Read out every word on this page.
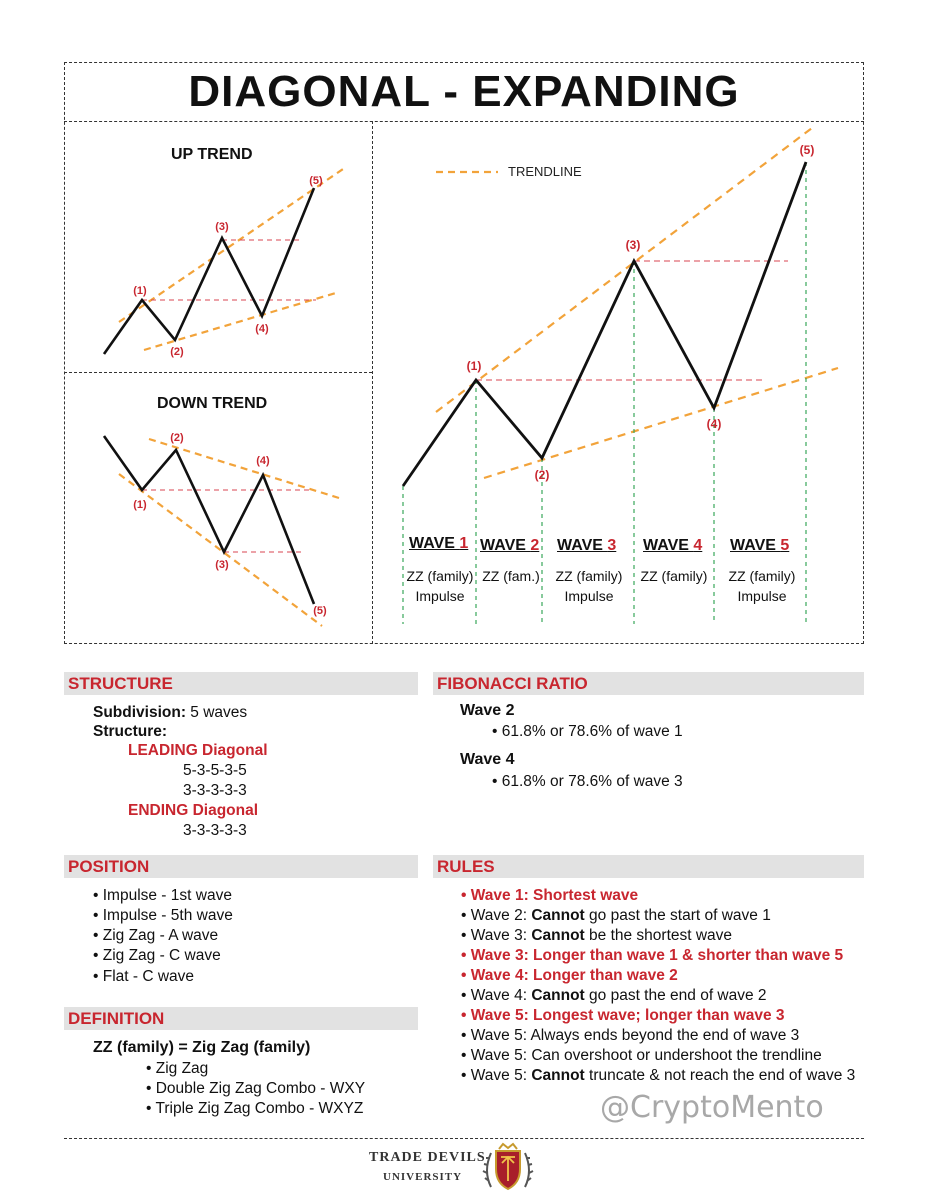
DIAGONAL - EXPANDING
UP TREND
(1)
(2)
(3)
(4)
(5)
DOWN TREND
(1)
(2)
(3)
(4)
(5)
TRENDLINE
(1)
(2)
(3)
(4)
(5)
WAVE 1 WAVE 2 WAVE 3 WAVE 4 WAVE 5
ZZ (family)
Impulse
ZZ (fam.)	ZZ (family)
Impulse
ZZ (family)	ZZ (family)
Impulse
STRUCTURE
Subdivision: 5 waves
Structure:
LEADING Diagonal
5-3-5-3-5
3-3-3-3-3
ENDING Diagonal
3-3-3-3-3
FIBONACCI RATIO
Wave 2
• 61.8% or 78.6% of wave 1
Wave 4
• 61.8% or 78.6% of wave 3
POSITION
• Impulse - 1st wave
• Impulse - 5th wave
• Zig Zag - A wave
• Zig Zag - C wave
• Flat - C wave
DEFINITION
ZZ (family) = Zig Zag (family)
• Zig Zag
• Double Zig Zag Combo - WXY
• Triple Zig Zag Combo - WXYZ
RULES
• Wave 1: Shortest wave
• Wave 2: Cannot go past the start of wave 1
• Wave 3: Cannot be the shortest wave
• Wave 3: Longer than wave 1 & shorter than wave 5
• Wave 4: Longer than wave 2
• Wave 4: Cannot go past the end of wave 2
• Wave 5: Longest wave; longer than wave 3
• Wave 5: Always ends beyond the end of wave 3
• Wave 5: Can overshoot or undershoot the trendline
• Wave 5: Cannot truncate & not reach the end of wave 3
@CryptoMento
TRADE DEVILS
UNIVERSITY
